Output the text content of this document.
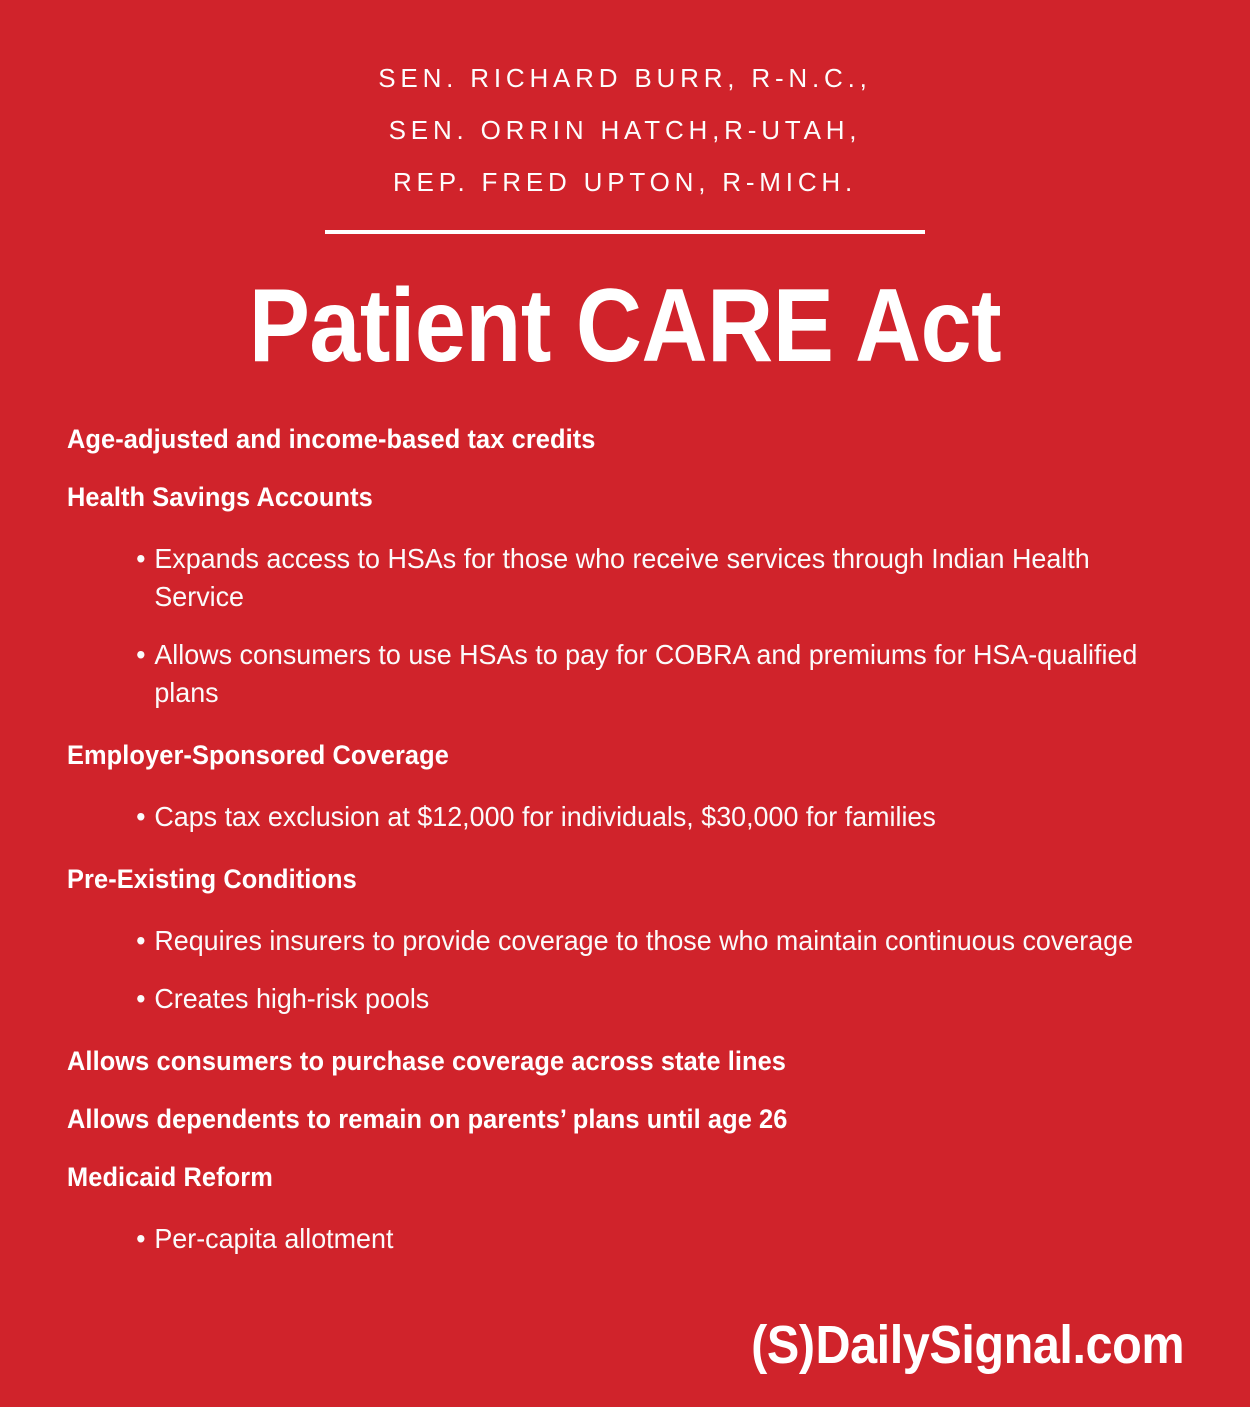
SEN. RICHARD BURR, R-N.C.,
SEN. ORRIN HATCH,R-UTAH,
REP. FRED UPTON, R-MICH.
Patient CARE Act
Age-adjusted and income-based tax credits
Health Savings Accounts
• Expands access to HSAs for those who receive services through Indian Health Service
• Allows consumers to use HSAs to pay for COBRA and premiums for HSA-qualified plans
Employer-Sponsored Coverage
• Caps tax exclusion at $12,000 for individuals, $30,000 for families
Pre-Existing Conditions
• Requires insurers to provide coverage to those who maintain continuous coverage
• Creates high-risk pools
Allows consumers to purchase coverage across state lines
Allows dependents to remain on parents’ plans until age 26
Medicaid Reform
• Per-capita allotment
(S) DailySignal.com
